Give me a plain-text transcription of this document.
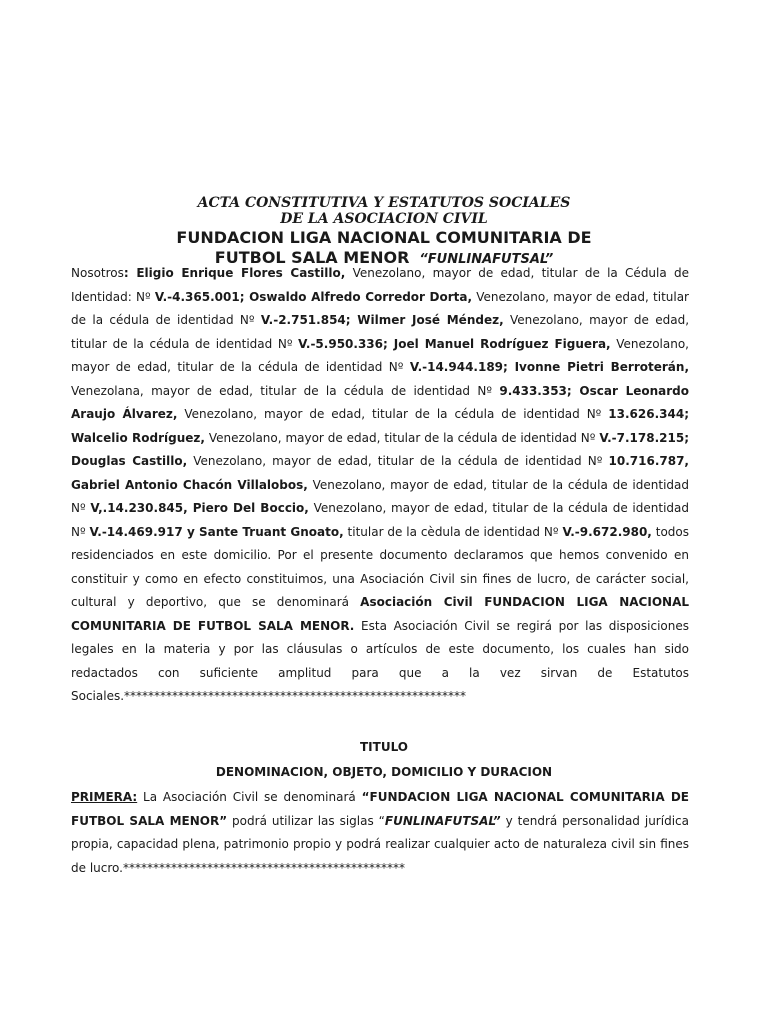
ACTA CONSTITUTIVA Y ESTATUTOS SOCIALES
DE LA ASOCIACION CIVIL
FUNDACION LIGA NACIONAL COMUNITARIA DE
FUTBOL SALA MENOR “FUNLINAFUTSAL”

Nosotros: Eligio Enrique Flores Castillo, Venezolano, mayor de edad, titular de la Cédula de Identidad: Nº V.-4.365.001; Oswaldo Alfredo Corredor Dorta, Venezolano, mayor de edad, titular de la cédula de identidad Nº V.-2.751.854; Wilmer José Méndez, Venezolano, mayor de edad, titular de la cédula de identidad Nº V.-5.950.336; Joel Manuel Rodríguez Figuera, Venezolano, mayor de edad, titular de la cédula de identidad Nº V.-14.944.189; Ivonne Pietri Berroterán, Venezolana, mayor de edad, titular de la cédula de identidad Nº 9.433.353; Oscar Leonardo Araujo Álvarez, Venezolano, mayor de edad, titular de la cédula de identidad Nº 13.626.344; Walcelio Rodríguez, Venezolano, mayor de edad, titular de la cédula de identidad Nº V.-7.178.215; Douglas Castillo, Venezolano, mayor de edad, titular de la cédula de identidad Nº 10.716.787, Gabriel Antonio Chacón Villalobos, Venezolano, mayor de edad, titular de la cédula de identidad Nº V,.14.230.845, Piero Del Boccio, Venezolano, mayor de edad, titular de la cédula de identidad Nº V.-14.469.917 y Sante Truant Gnoato, titular de la cèdula de identidad Nº V.-9.672.980, todos residenciados en este domicilio. Por el presente documento declaramos que hemos convenido en constituir y como en efecto constituimos, una Asociación Civil sin fines de lucro, de carácter social, cultural y deportivo, que se denominará Asociación Civil FUNDACION LIGA NACIONAL COMUNITARIA DE FUTBOL SALA MENOR. Esta Asociación Civil se regirá por las disposiciones legales en la materia y por las cláusulas o artículos de este documento, los cuales han sido redactados con suficiente amplitud para que a la vez sirvan de Estatutos Sociales.*********************************************************

TITULO
DENOMINACION, OBJETO, DOMICILIO Y DURACION

PRIMERA: La Asociación Civil se denominará “FUNDACION LIGA NACIONAL COMUNITARIA DE FUTBOL SALA MENOR” podrá utilizar las siglas “FUNLINAFUTSAL” y tendrá personalidad jurídica propia, capacidad plena, patrimonio propio y podrá realizar cualquier acto de naturaleza civil sin fines de lucro.***********************************************
